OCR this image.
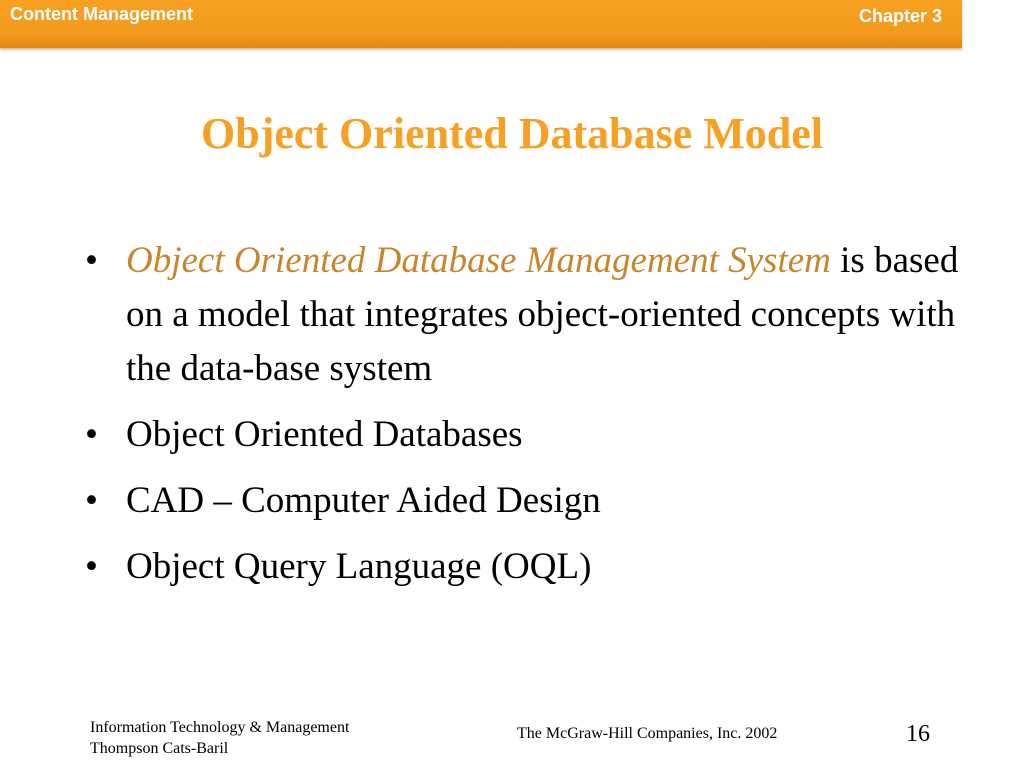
Content Management	Chapter 3
Object Oriented Database Model
• Object Oriented Database Management System is based on a model that integrates object-oriented concepts with the data-base system
• Object Oriented Databases
• CAD – Computer Aided Design
• Object Query Language (OQL)
Information Technology & Management
Thompson Cats-Baril
The McGraw-Hill Companies, Inc. 2002	16
